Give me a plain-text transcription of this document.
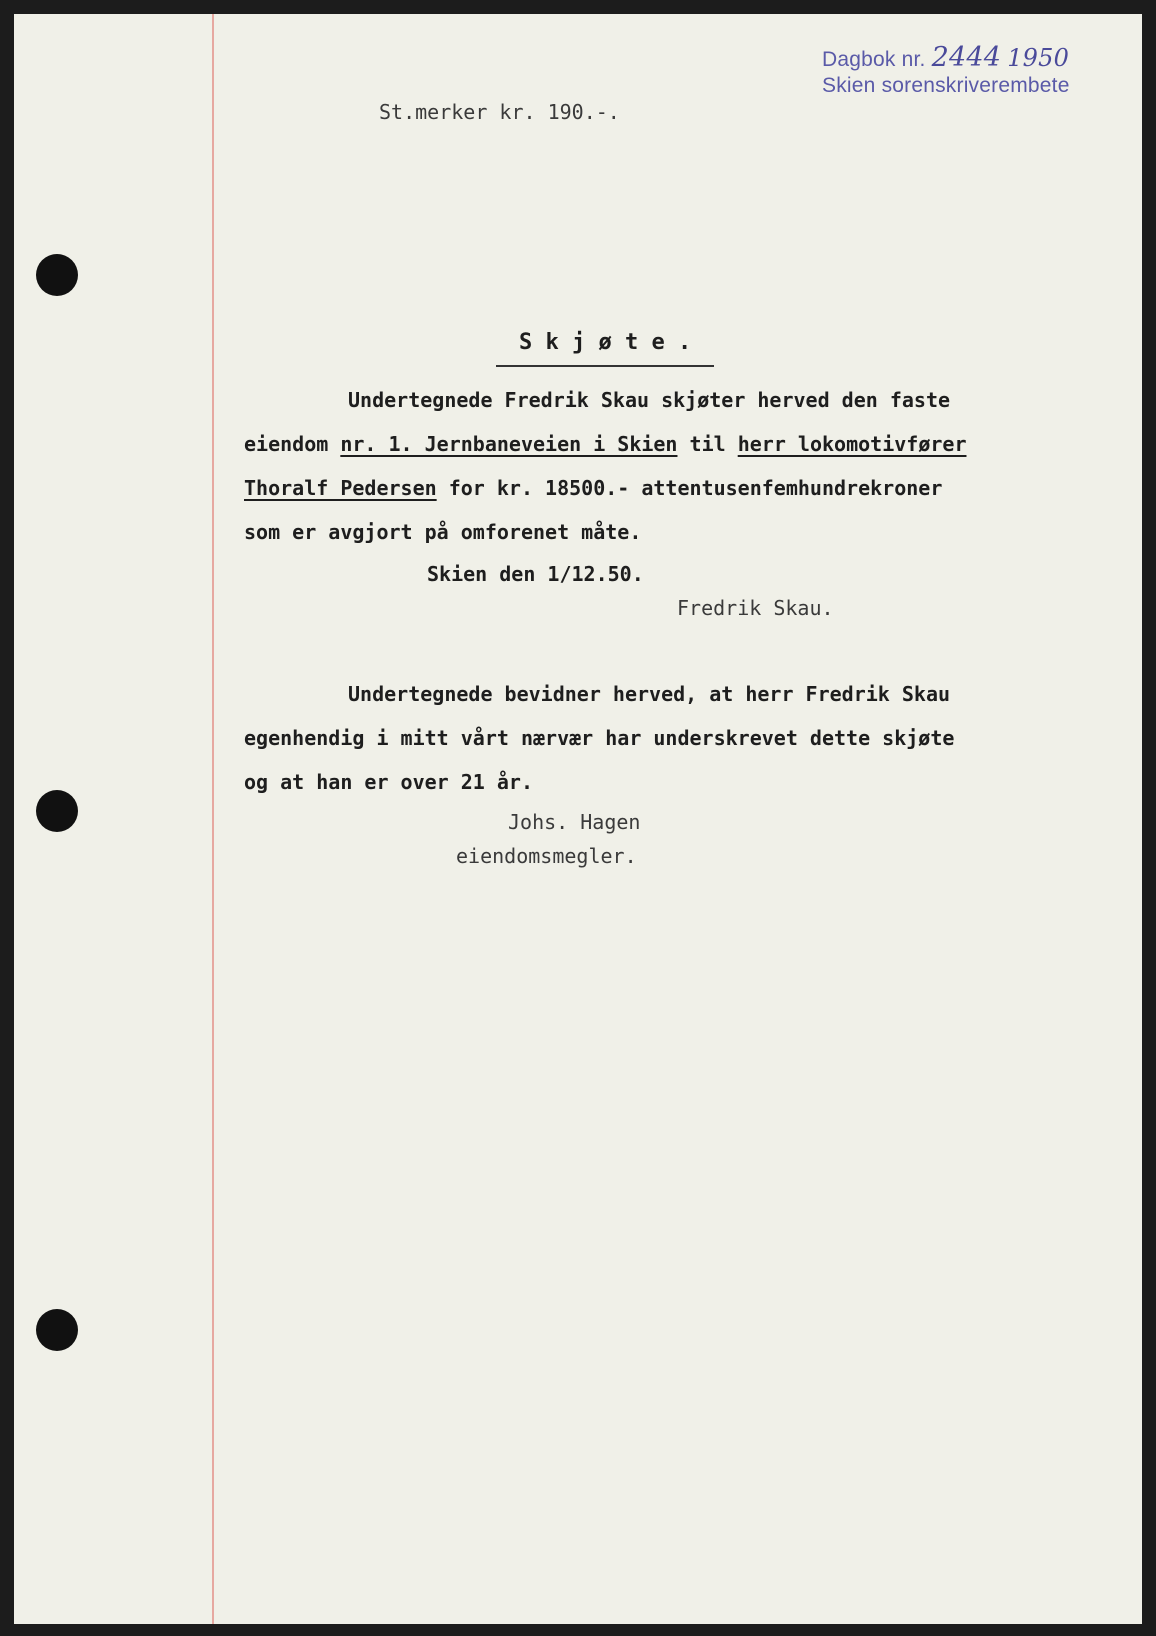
Dagbok nr. 2444 1950
Skien sorenskriverembete
St.merker kr. 190.-.
S k j ø t e .
Undertegnede Fredrik Skau skjøter herved den faste
eiendom nr. 1. Jernbaneveien i Skien til herr lokomotivfører
Thoralf Pedersen for kr. 18500.- attentusenfemhundrekroner
som er avgjort på omforenet måte.
Skien den 1/12.50.
Fredrik Skau.
Undertegnede bevidner herved, at herr Fredrik Skau
egenhendig i mitt vårt nærvær har underskrevet dette skjøte
og at han er over 21 år.
Johs. Hagen
eiendomsmegler.
